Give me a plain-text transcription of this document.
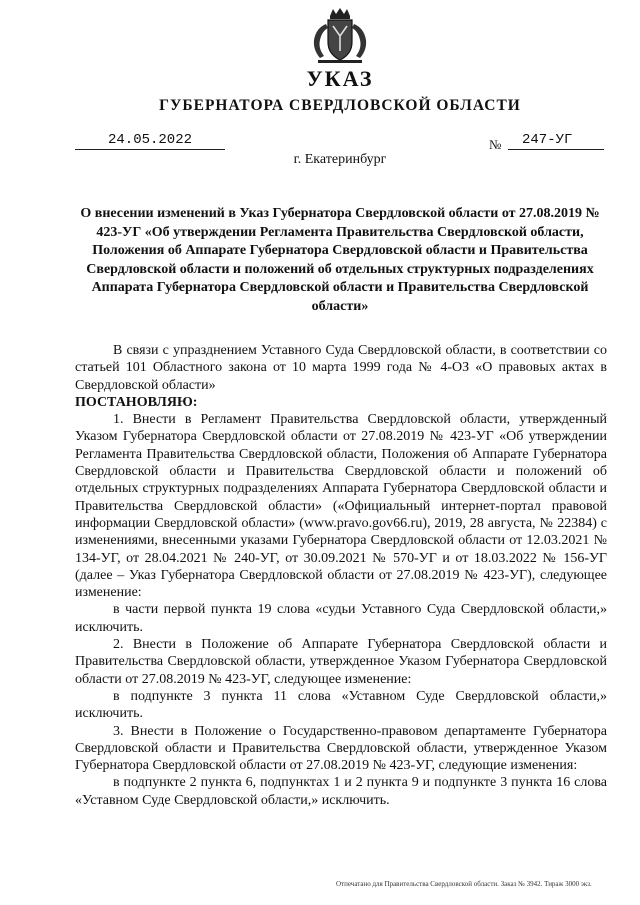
УКАЗ
ГУБЕРНАТОРА СВЕРДЛОВСКОЙ ОБЛАСТИ
24.05.2022	№	247-УГ
г. Екатеринбург
О внесении изменений в Указ Губернатора Свердловской области от 27.08.2019 № 423-УГ «Об утверждении Регламента Правительства Свердловской области, Положения об Аппарате Губернатора Свердловской области и Правительства Свердловской области и положений об отдельных структурных подразделениях Аппарата Губернатора Свердловской области и Правительства Свердловской области»

В связи с упразднением Уставного Суда Свердловской области, в соответствии со статьей 101 Областного закона от 10 марта 1999 года № 4-ОЗ «О правовых актах в Свердловской области»

ПОСТАНОВЛЯЮ:

1. Внести в Регламент Правительства Свердловской области, утвержденный Указом Губернатора Свердловской области от 27.08.2019 № 423-УГ «Об утверждении Регламента Правительства Свердловской области, Положения об Аппарате Губернатора Свердловской области и Правительства Свердловской области и положений об отдельных структурных подразделениях Аппарата Губернатора Свердловской области и Правительства Свердловской области» («Официальный интернет-портал правовой информации Свердловской области» (www.pravo.gov66.ru), 2019, 28 августа, № 22384) с изменениями, внесенными указами Губернатора Свердловской области от 12.03.2021 № 134-УГ, от 28.04.2021 № 240-УГ, от 30.09.2021 № 570-УГ и от 18.03.2022 № 156-УГ (далее – Указ Губернатора Свердловской области от 27.08.2019 № 423-УГ), следующее изменение:

в части первой пункта 19 слова «судьи Уставного Суда Свердловской области,» исключить.

2. Внести в Положение об Аппарате Губернатора Свердловской области и Правительства Свердловской области, утвержденное Указом Губернатора Свердловской области от 27.08.2019 № 423-УГ, следующее изменение:

в подпункте 3 пункта 11 слова «Уставном Суде Свердловской области,» исключить.

3. Внести в Положение о Государственно-правовом департаменте Губернатора Свердловской области и Правительства Свердловской области, утвержденное Указом Губернатора Свердловской области от 27.08.2019 № 423-УГ, следующие изменения:

в подпункте 2 пункта 6, подпунктах 1 и 2 пункта 9 и подпункте 3 пункта 16 слова «Уставном Суде Свердловской области,» исключить.

Отпечатано для Правительства Свердловской области. Заказ № 3942. Тираж 3000 экз.
